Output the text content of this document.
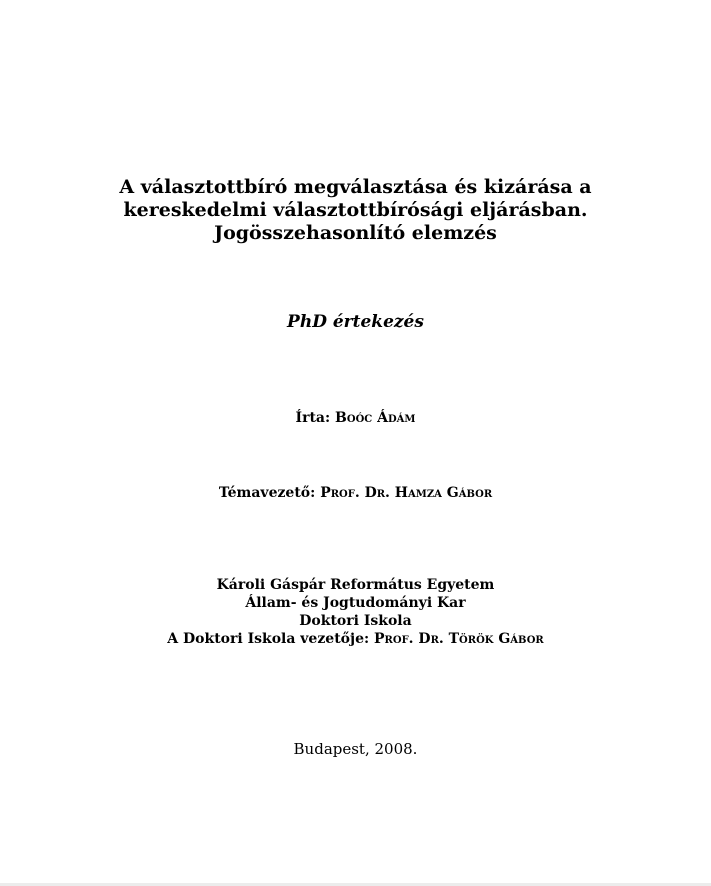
A választottbíró megválasztása és kizárása a
kereskedelmi választottbírósági eljárásban.
Jogösszehasonlító elemzés
PhD értekezés
Írta: Boóc Ádám
Témavezető: Prof. Dr. Hamza Gábor
Károli Gáspár Református Egyetem
Állam- és Jogtudományi Kar
Doktori Iskola
A Doktori Iskola vezetője: Prof. Dr. Török Gábor
Budapest, 2008.
